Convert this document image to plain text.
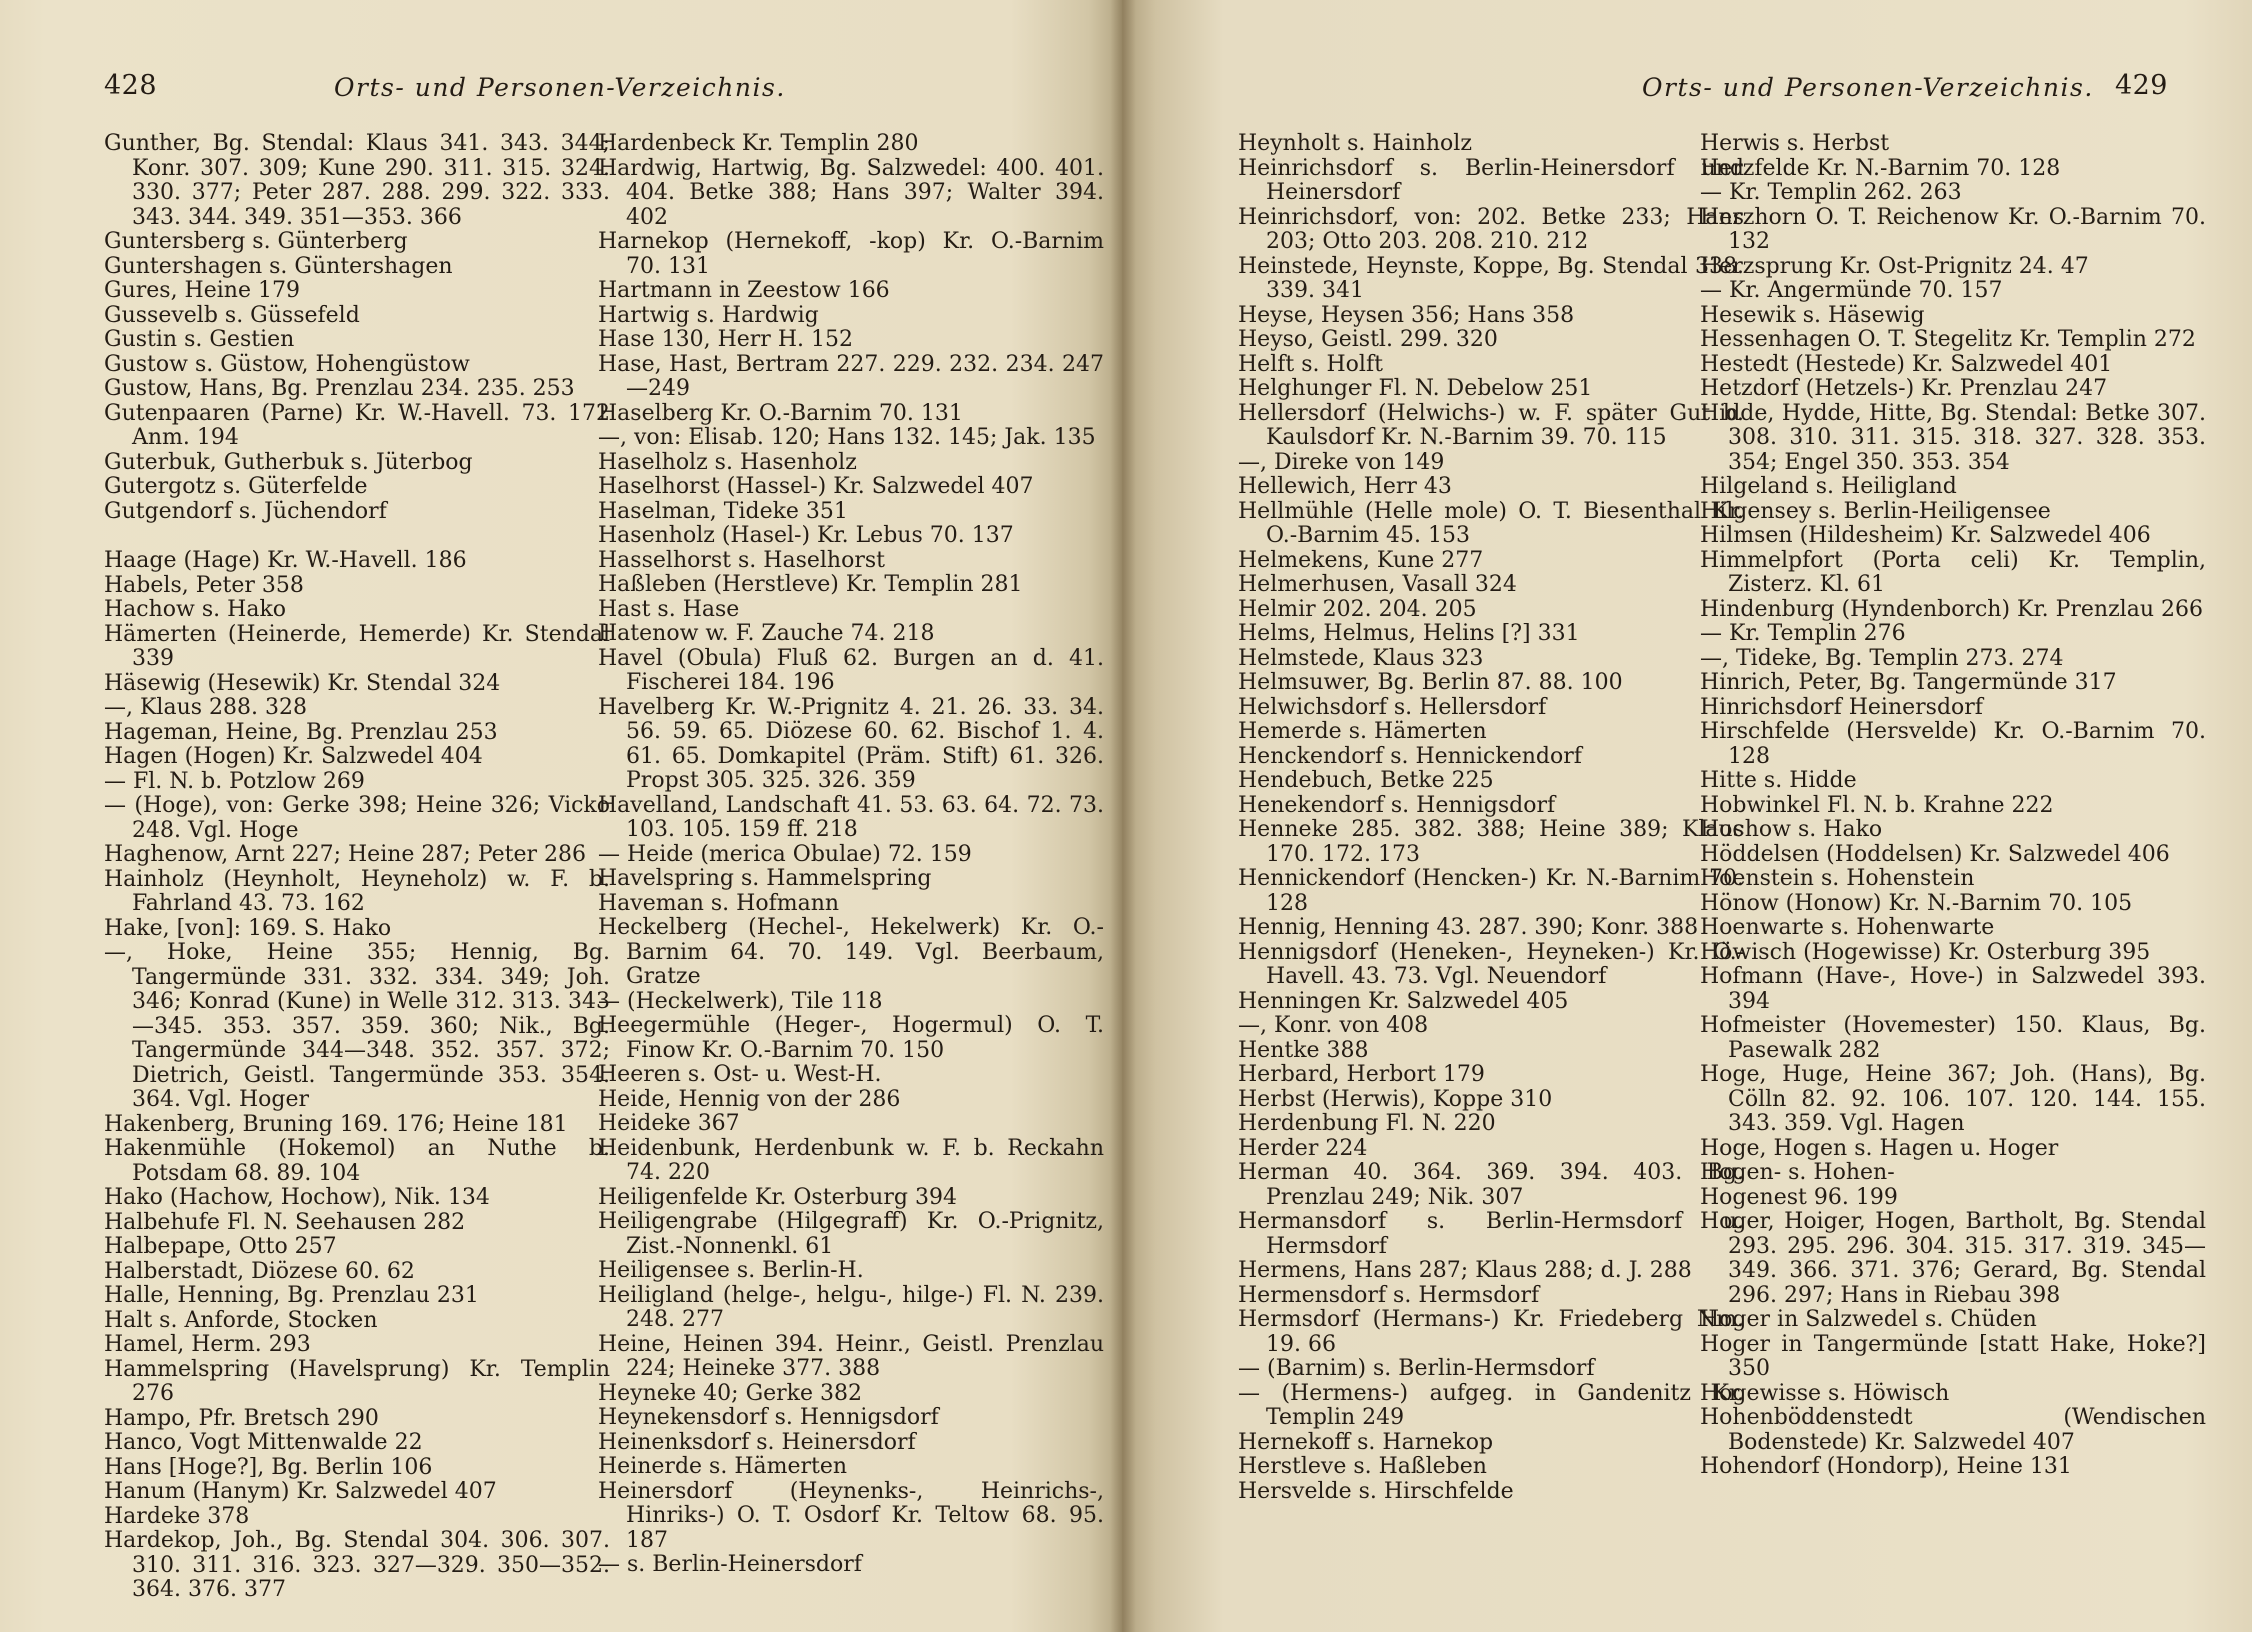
428	Orts- und Personen-Verzeichnis.
Gunther, Bg. Stendal: Klaus 341. 343. 344; Konr. 307. 309; Kune 290. 311. 315. 324. 330. 377; Peter 287. 288. 299. 322. 333. 343. 344. 349. 351—353. 366
Guntersberg s. Günterberg
Guntershagen s. Güntershagen
Gures, Heine 179
Gussevelb s. Güssefeld
Gustin s. Gestien
Gustow s. Güstow, Hohengüstow
Gustow, Hans, Bg. Prenzlau 234. 235. 253
Gutenpaaren (Parne) Kr. W.-Havell. 73. 172 Anm. 194
Guterbuk, Gutherbuk s. Jüterbog
Gutergotz s. Güterfelde
Gutgendorf s. Jüchendorf
Haage (Hage) Kr. W.-Havell. 186
Habels, Peter 358
Hachow s. Hako
Hämerten (Heinerde, Hemerde) Kr. Stendal 339
Häsewig (Hesewik) Kr. Stendal 324
—, Klaus 288. 328
Hageman, Heine, Bg. Prenzlau 253
Hagen (Hogen) Kr. Salzwedel 404
— Fl. N. b. Potzlow 269
— (Hoge), von: Gerke 398; Heine 326; Vicko 248. Vgl. Hoge
Haghenow, Arnt 227; Heine 287; Peter 286
Hainholz (Heynholt, Heyneholz) w. F. b. Fahrland 43. 73. 162
Hake, [von]: 169. S. Hako
—, Hoke, Heine 355; Hennig, Bg. Tangermünde 331. 332. 334. 349; Joh. 346; Konrad (Kune) in Welle 312. 313. 343—345. 353. 357. 359. 360; Nik., Bg. Tangermünde 344—348. 352. 357. 372; Dietrich, Geistl. Tangermünde 353. 354. 364. Vgl. Hoger
Hakenberg, Bruning 169. 176; Heine 181
Hakenmühle (Hokemol) an Nuthe b. Potsdam 68. 89. 104
Hako (Hachow, Hochow), Nik. 134
Halbehufe Fl. N. Seehausen 282
Halbepape, Otto 257
Halberstadt, Diözese 60. 62
Halle, Henning, Bg. Prenzlau 231
Halt s. Anforde, Stocken
Hamel, Herm. 293
Hammelspring (Havelsprung) Kr. Templin 276
Hampo, Pfr. Bretsch 290
Hanco, Vogt Mittenwalde 22
Hans [Hoge?], Bg. Berlin 106
Hanum (Hanym) Kr. Salzwedel 407
Hardeke 378
Hardekop, Joh., Bg. Stendal 304. 306. 307. 310. 311. 316. 323. 327—329. 350—352. 364. 376. 377
Hardenbeck Kr. Templin 280
Hardwig, Hartwig, Bg. Salzwedel: 400. 401. 404. Betke 388; Hans 397; Walter 394. 402
Harnekop (Hernekoff, -kop) Kr. O.-Barnim 70. 131
Hartmann in Zeestow 166
Hartwig s. Hardwig
Hase 130, Herr H. 152
Hase, Hast, Bertram 227. 229. 232. 234. 247—249
Haselberg Kr. O.-Barnim 70. 131
—, von: Elisab. 120; Hans 132. 145; Jak. 135
Haselholz s. Hasenholz
Haselhorst (Hassel-) Kr. Salzwedel 407
Haselman, Tideke 351
Hasenholz (Hasel-) Kr. Lebus 70. 137
Hasselhorst s. Haselhorst
Haßleben (Herstleve) Kr. Templin 281
Hast s. Hase
Hatenow w. F. Zauche 74. 218
Havel (Obula) Fluß 62. Burgen an d. 41. Fischerei 184. 196
Havelberg Kr. W.-Prignitz 4. 21. 26. 33. 34. 56. 59. 65. Diözese 60. 62. Bischof 1. 4. 61. 65. Domkapitel (Präm. Stift) 61. 326. Propst 305. 325. 326. 359
Havelland, Landschaft 41. 53. 63. 64. 72. 73. 103. 105. 159 ff. 218
— Heide (merica Obulae) 72. 159
Havelspring s. Hammelspring
Haveman s. Hofmann
Heckelberg (Hechel-, Hekelwerk) Kr. O.-Barnim 64. 70. 149. Vgl. Beerbaum, Gratze
— (Heckelwerk), Tile 118
Heegermühle (Heger-, Hogermul) O. T. Finow Kr. O.-Barnim 70. 150
Heeren s. Ost- u. West-H.
Heide, Hennig von der 286
Heideke 367
Heidenbunk, Herdenbunk w. F. b. Reckahn 74. 220
Heiligenfelde Kr. Osterburg 394
Heiligengrabe (Hilgegraff) Kr. O.-Prignitz, Zist.-Nonnenkl. 61
Heiligensee s. Berlin-H.
Heiligland (helge-, helgu-, hilge-) Fl. N. 239. 248. 277
Heine, Heinen 394. Heinr., Geistl. Prenzlau 224; Heineke 377. 388
Heyneke 40; Gerke 382
Heynekensdorf s. Hennigsdorf
Heinenksdorf s. Heinersdorf
Heinerde s. Hämerten
Heinersdorf (Heynenks-, Heinrichs-, Hinriks-) O. T. Osdorf Kr. Teltow 68. 95. 187
— s. Berlin-Heinersdorf
Orts- und Personen-Verzeichnis. 429
Heynholt s. Hainholz
Heinrichsdorf s. Berlin-Heinersdorf und Heinersdorf
Heinrichsdorf, von: 202. Betke 233; Hans 203; Otto 203. 208. 210. 212
Heinstede, Heynste, Koppe, Bg. Stendal 338. 339. 341
Heyse, Heysen 356; Hans 358
Heyso, Geistl. 299. 320
Helft s. Holft
Helghunger Fl. N. Debelow 251
Hellersdorf (Helwichs-) w. F. später Gut b. Kaulsdorf Kr. N.-Barnim 39. 70. 115
—, Direke von 149
Hellewich, Herr 43
Hellmühle (Helle mole) O. T. Biesenthal Kr. O.-Barnim 45. 153
Helmekens, Kune 277
Helmerhusen, Vasall 324
Helmir 202. 204. 205
Helms, Helmus, Helins [?] 331
Helmstede, Klaus 323
Helmsuwer, Bg. Berlin 87. 88. 100
Helwichsdorf s. Hellersdorf
Hemerde s. Hämerten
Henckendorf s. Hennickendorf
Hendebuch, Betke 225
Henekendorf s. Hennigsdorf
Henneke 285. 382. 388; Heine 389; Klaus 170. 172. 173
Hennickendorf (Hencken-) Kr. N.-Barnim 70. 128
Hennig, Henning 43. 287. 390; Konr. 388
Hennigsdorf (Heneken-, Heyneken-) Kr. O.-Havell. 43. 73. Vgl. Neuendorf
Henningen Kr. Salzwedel 405
—, Konr. von 408
Hentke 388
Herbard, Herbort 179
Herbst (Herwis), Koppe 310
Herdenbung Fl. N. 220
Herder 224
Herman 40. 364. 369. 394. 403. Bg. Prenzlau 249; Nik. 307
Hermansdorf s. Berlin-Hermsdorf u. Hermsdorf
Hermens, Hans 287; Klaus 288; d. J. 288
Hermensdorf s. Hermsdorf
Hermsdorf (Hermans-) Kr. Friedeberg Nm. 19. 66
— (Barnim) s. Berlin-Hermsdorf
— (Hermens-) aufgeg. in Gandenitz Kr. Templin 249
Hernekoff s. Harnekop
Herstleve s. Haßleben
Hersvelde s. Hirschfelde
Herwis s. Herbst
Herzfelde Kr. N.-Barnim 70. 128
— Kr. Templin 262. 263
Herzhorn O. T. Reichenow Kr. O.-Barnim 70. 132
Herzsprung Kr. Ost-Prignitz 24. 47
— Kr. Angermünde 70. 157
Hesewik s. Häsewig
Hessenhagen O. T. Stegelitz Kr. Templin 272
Hestedt (Hestede) Kr. Salzwedel 401
Hetzdorf (Hetzels-) Kr. Prenzlau 247
Hidde, Hydde, Hitte, Bg. Stendal: Betke 307. 308. 310. 311. 315. 318. 327. 328. 353. 354; Engel 350. 353. 354
Hilgeland s. Heiligland
Hilgensey s. Berlin-Heiligensee
Hilmsen (Hildesheim) Kr. Salzwedel 406
Himmelpfort (Porta celi) Kr. Templin, Zisterz. Kl. 61
Hindenburg (Hyndenborch) Kr. Prenzlau 266
— Kr. Templin 276
—, Tideke, Bg. Templin 273. 274
Hinrich, Peter, Bg. Tangermünde 317
Hinrichsdorf Heinersdorf
Hirschfelde (Hersvelde) Kr. O.-Barnim 70. 128
Hitte s. Hidde
Hobwinkel Fl. N. b. Krahne 222
Hochow s. Hako
Höddelsen (Hoddelsen) Kr. Salzwedel 406
Hoenstein s. Hohenstein
Hönow (Honow) Kr. N.-Barnim 70. 105
Hoenwarte s. Hohenwarte
Höwisch (Hogewisse) Kr. Osterburg 395
Hofmann (Have-, Hove-) in Salzwedel 393. 394
Hofmeister (Hovemester) 150. Klaus, Bg. Pasewalk 282
Hoge, Huge, Heine 367; Joh. (Hans), Bg. Cölln 82. 92. 106. 107. 120. 144. 155. 343. 359. Vgl. Hagen
Hoge, Hogen s. Hagen u. Hoger
Hogen- s. Hohen-
Hogenest 96. 199
Hoger, Hoiger, Hogen, Bartholt, Bg. Stendal 293. 295. 296. 304. 315. 317. 319. 345—349. 366. 371. 376; Gerard, Bg. Stendal 296. 297; Hans in Riebau 398
Hoger in Salzwedel s. Chüden
Hoger in Tangermünde [statt Hake, Hoke?] 350
Hogewisse s. Höwisch
Hohenböddenstedt (Wendischen Bodenstede) Kr. Salzwedel 407
Hohendorf (Hondorp), Heine 131
